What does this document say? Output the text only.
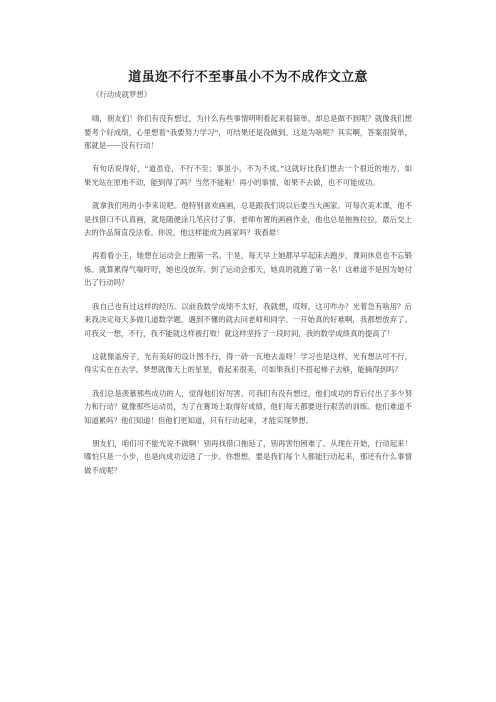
道虽迩不行不至事虽小不为不成作文立意
《行动成就梦想》

嗨，朋友们！你们有没有想过，为什么有些事情明明看起来很简单，却总是做不到呢？就像我们想要考个好成绩，心里想着“我要努力学习”，可结果还是没做到。这是为啥呢？其实啊，答案很简单，那就是——没有行动！

有句话说得好，“道虽迩，不行不至；事虽小，不为不成。”这就好比我们想去一个很近的地方，如果光站在原地不动，能到得了吗？当然不能啦！再小的事情，如果不去做，也不可能成功。

就拿我们班的小李来说吧。他特别喜欢画画，总是跟我们说以后要当大画家。可每次美术课，他不是找借口不认真画，就是随便涂几笔应付了事，老师布置的画画作业，他也总是拖拖拉拉，最后交上去的作品简直没法看。你说，他这样能成为画家吗？我看悬！

再看看小王，她想在运动会上跑第一名。于是，每天早上她都早早起床去跑步，课间休息也不忘锻炼。就算累得气喘吁吁，她也没放弃。到了运动会那天，她真的就跑了第一名！这难道不是因为她付出了行动吗？

我自己也有过这样的经历。以前我数学成绩不太好，我就想，哎呀，这可咋办？光着急有啥用？后来我决定每天多做几道数学题，遇到不懂的就去问老师和同学。一开始真的好难啊，我都想放弃了。可我又一想，不行，我不能就这样被打败！就这样坚持了一段时间，我的数学成绩真的提高了！

这就像盖房子，光有美好的设计图不行，得一砖一瓦地去盖呀！学习也是这样，光有想法可不行，得实实在在去学。梦想就像天上的星星，看起来很美，可如果我们不搭起梯子去够，能摘得到吗？

我们总是羡慕那些成功的人，觉得他们好厉害。可我们有没有想过，他们成功的背后付出了多少努力和行动？就像那些运动员，为了在赛场上取得好成绩，他们每天都要进行艰苦的训练。他们难道不知道累吗？他们知道！但他们更知道，只有行动起来，才能实现梦想。

朋友们，咱们可不能光说不做啊！别再找借口拖延了，别再害怕困难了。从现在开始，行动起来！哪怕只是一小步，也是向成功迈进了一步。你想想，要是我们每个人都能行动起来，那还有什么事情做不成呢？
